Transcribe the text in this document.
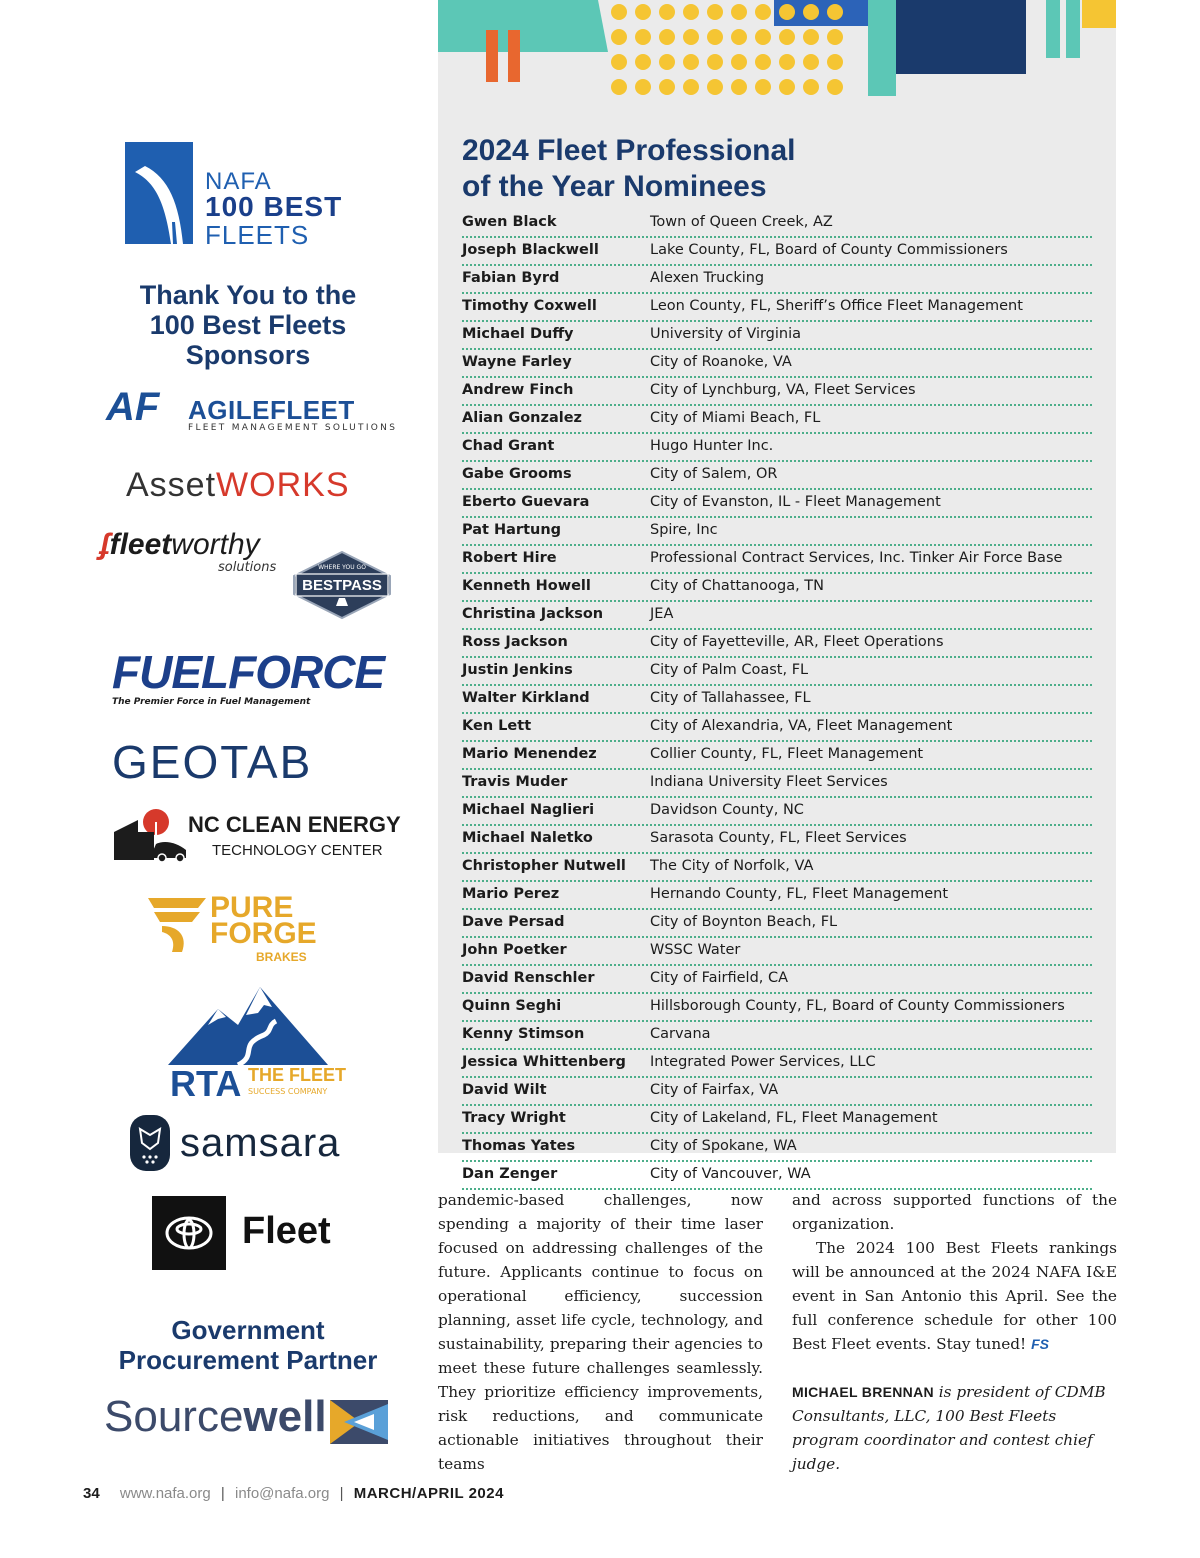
NAFA
100 BEST
FLEETS
Thank You to the
100 Best Fleets
Sponsors
AF AGILEFLEET
FLEET MANAGEMENT SOLUTIONS
AssetWORKS
ʄfleetworthy
solutions	WHERE YOU GO
BESTPASS
FUELFORCE
The Premier Force in Fuel Management
GEOTAB
NC CLEAN ENERGY
TECHNOLOGY CENTER
PURE
FORGE
BRAKES
RTA THE FLEET
SUCCESS COMPANY
samsara
Fleet
Government
Procurement Partner
Sourcewell
2024 Fleet Professional
of the Year Nominees
Gwen Black	Town of Queen Creek, AZ
Joseph Blackwell	Lake County, FL, Board of County Commissioners
Fabian Byrd	Alexen Trucking
Timothy Coxwell	Leon County, FL, Sheriff’s Office Fleet Management
Michael Duffy	University of Virginia
Wayne Farley	City of Roanoke, VA
Andrew Finch	City of Lynchburg, VA, Fleet Services
Alian Gonzalez	City of Miami Beach, FL
Chad Grant	Hugo Hunter Inc.
Gabe Grooms	City of Salem, OR
Eberto Guevara	City of Evanston, IL - Fleet Management
Pat Hartung	Spire, Inc
Robert Hire	Professional Contract Services, Inc. Tinker Air Force Base
Kenneth Howell	City of Chattanooga, TN
Christina Jackson	JEA
Ross Jackson	City of Fayetteville, AR, Fleet Operations
Justin Jenkins	City of Palm Coast, FL
Walter Kirkland	City of Tallahassee, FL
Ken Lett	City of Alexandria, VA, Fleet Management
Mario Menendez	Collier County, FL, Fleet Management
Travis Muder	Indiana University Fleet Services
Michael Naglieri	Davidson County, NC
Michael Naletko	Sarasota County, FL, Fleet Services
Christopher Nutwell	The City of Norfolk, VA
Mario Perez	Hernando County, FL, Fleet Management
Dave Persad	City of Boynton Beach, FL
John Poetker	WSSC Water
David Renschler	City of Fairfield, CA
Quinn Seghi	Hillsborough County, FL, Board of County Commissioners
Kenny Stimson	Carvana
Jessica Whittenberg	Integrated Power Services, LLC
David Wilt	City of Fairfax, VA
Tracy Wright	City of Lakeland, FL, Fleet Management
Thomas Yates	City of Spokane, WA
Dan Zenger	City of Vancouver, WA

pandemic-based challenges, now spending a majority of their time laser focused on addressing challenges of the future. Applicants continue to focus on operational efficiency, succession planning, asset life cycle, technology, and sustainability, preparing their agencies to meet these future challenges seamlessly. They prioritize efficiency improvements, risk reductions, and communicate actionable initiatives throughout their teams

and across supported functions of the organization.

The 2024 100 Best Fleets rankings will be announced at the 2024 NAFA I&E event in San Antonio this April. See the full conference schedule for other 100 Best Fleet events. Stay tuned! FS

MICHAEL BRENNAN is president of CDMB Consultants, LLC, 100 Best Fleets program coordinator and contest chief judge.

34 www.nafa.org | info@nafa.org | MARCH/APRIL 2024
